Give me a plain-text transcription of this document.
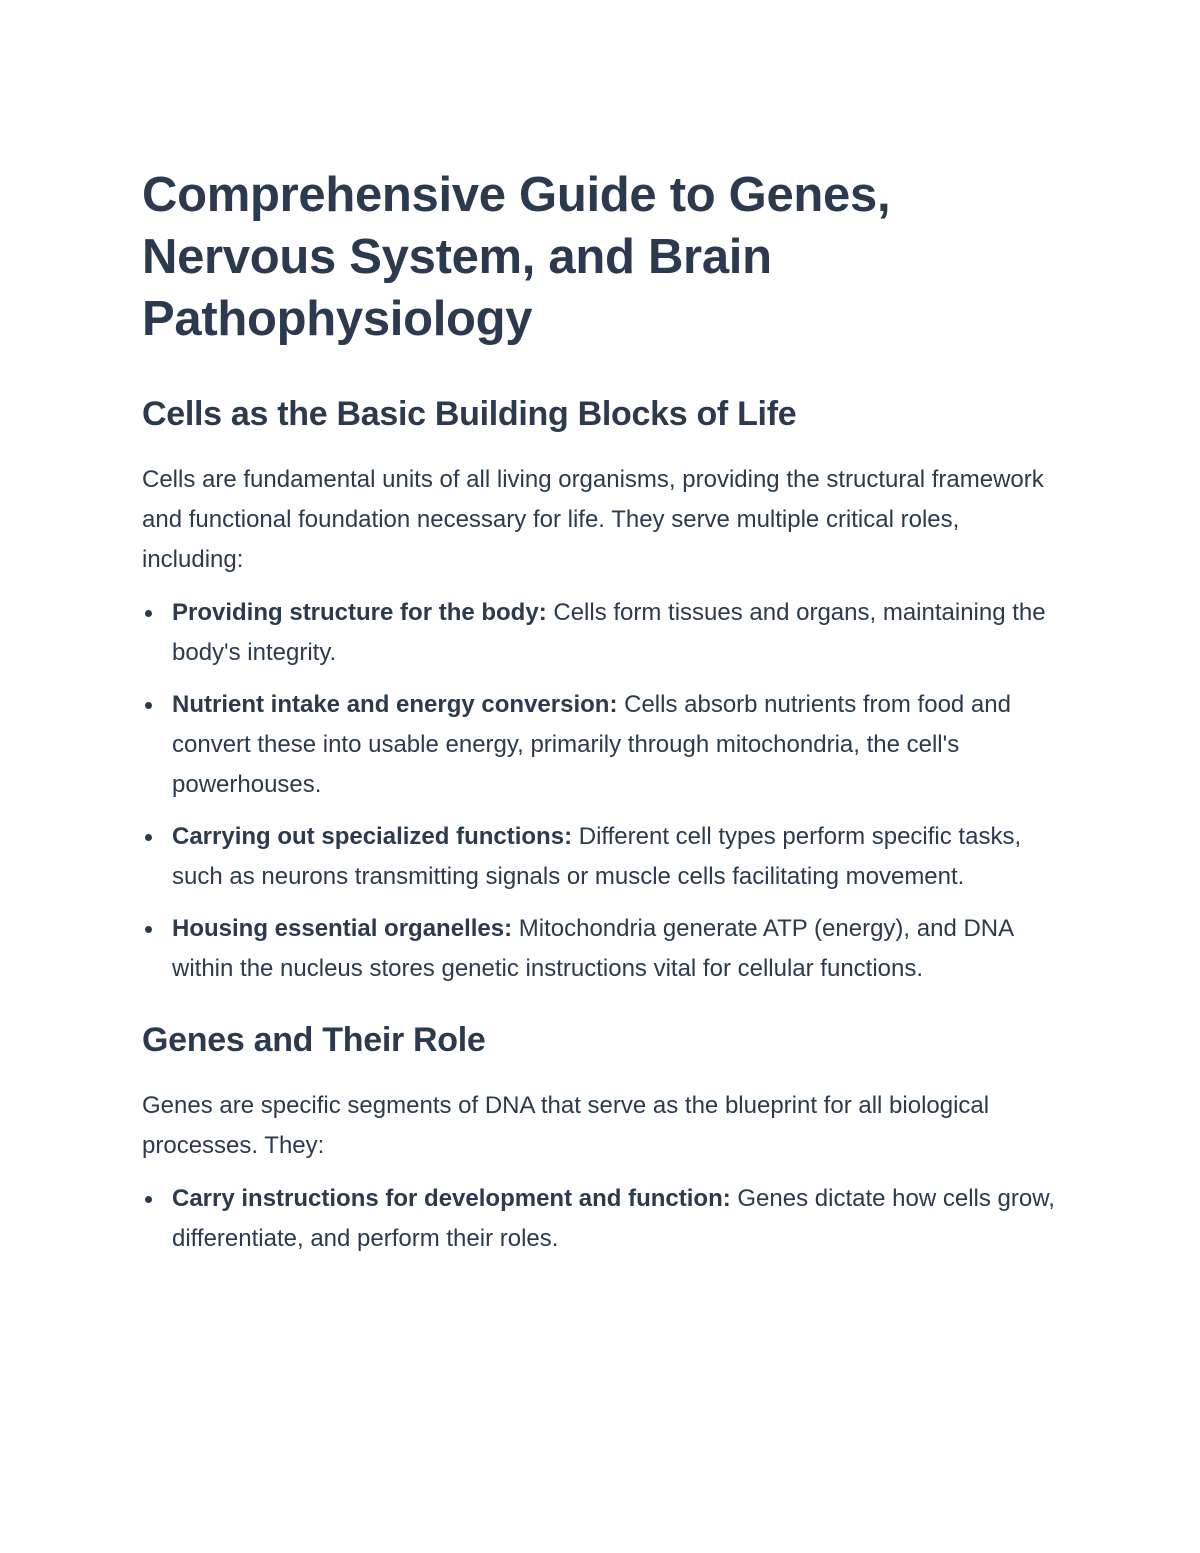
Comprehensive Guide to Genes, Nervous System, and Brain Pathophysiology
Cells as the Basic Building Blocks of Life

Cells are fundamental units of all living organisms, providing the structural framework and functional foundation necessary for life. They serve multiple critical roles, including:

Providing structure for the body: Cells form tissues and organs, maintaining the body's integrity.
Nutrient intake and energy conversion: Cells absorb nutrients from food and convert these into usable energy, primarily through mitochondria, the cell's powerhouses.
Carrying out specialized functions: Different cell types perform specific tasks, such as neurons transmitting signals or muscle cells facilitating movement.
Housing essential organelles: Mitochondria generate ATP (energy), and DNA within the nucleus stores genetic instructions vital for cellular functions.
Genes and Their Role

Genes are specific segments of DNA that serve as the blueprint for all biological processes. They:

Carry instructions for development and function: Genes dictate how cells grow, differentiate, and perform their roles.
